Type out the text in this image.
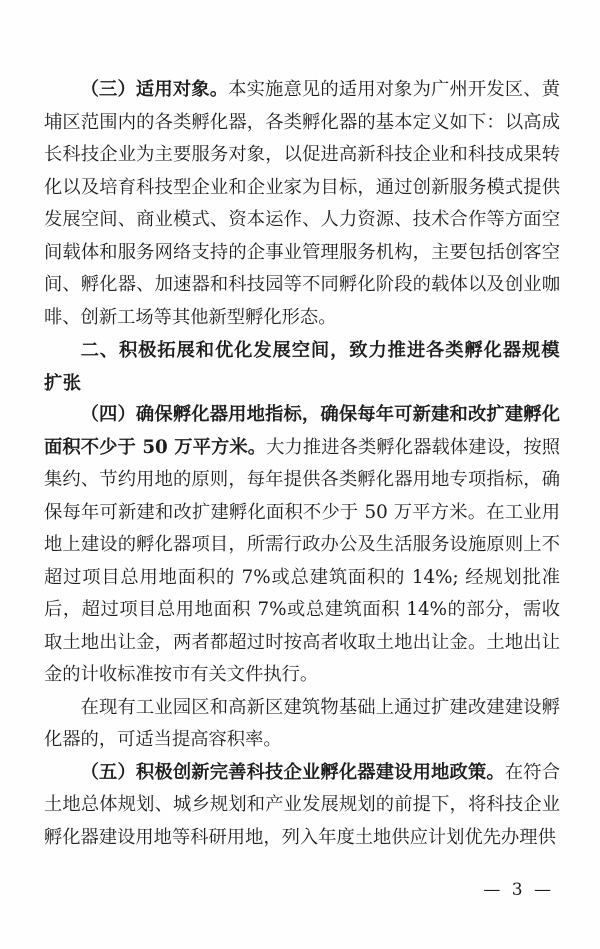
（三）适用对象。本实施意见的适用对象为广州开发区、黄埔区范围内的各类孵化器，各类孵化器的基本定义如下：以高成长科技企业为主要服务对象，以促进高新科技企业和科技成果转化以及培育科技型企业和企业家为目标，通过创新服务模式提供发展空间、商业模式、资本运作、人力资源、技术合作等方面空间载体和服务网络支持的企事业管理服务机构，主要包括创客空间、孵化器、加速器和科技园等不同孵化阶段的载体以及创业咖啡、创新工场等其他新型孵化形态。

二、积极拓展和优化发展空间，致力推进各类孵化器规模扩张

（四）确保孵化器用地指标，确保每年可新建和改扩建孵化面积不少于 50 万平方米。大力推进各类孵化器载体建设，按照集约、节约用地的原则，每年提供各类孵化器用地专项指标，确保每年可新建和改扩建孵化面积不少于 50 万平方米。在工业用地上建设的孵化器项目，所需行政办公及生活服务设施原则上不超过项目总用地面积的 7%或总建筑面积的 14%; 经规划批准后，超过项目总用地面积 7%或总建筑面积 14%的部分，需收取土地出让金，两者都超过时按高者收取土地出让金。土地出让金的计收标准按市有关文件执行。

在现有工业园区和高新区建筑物基础上通过扩建改建建设孵化器的，可适当提高容积率。

（五）积极创新完善科技企业孵化器建设用地政策。在符合土地总体规划、城乡规划和产业发展规划的前提下，将科技企业孵化器建设用地等科研用地，列入年度土地供应计划优先办理供

— 3 —
